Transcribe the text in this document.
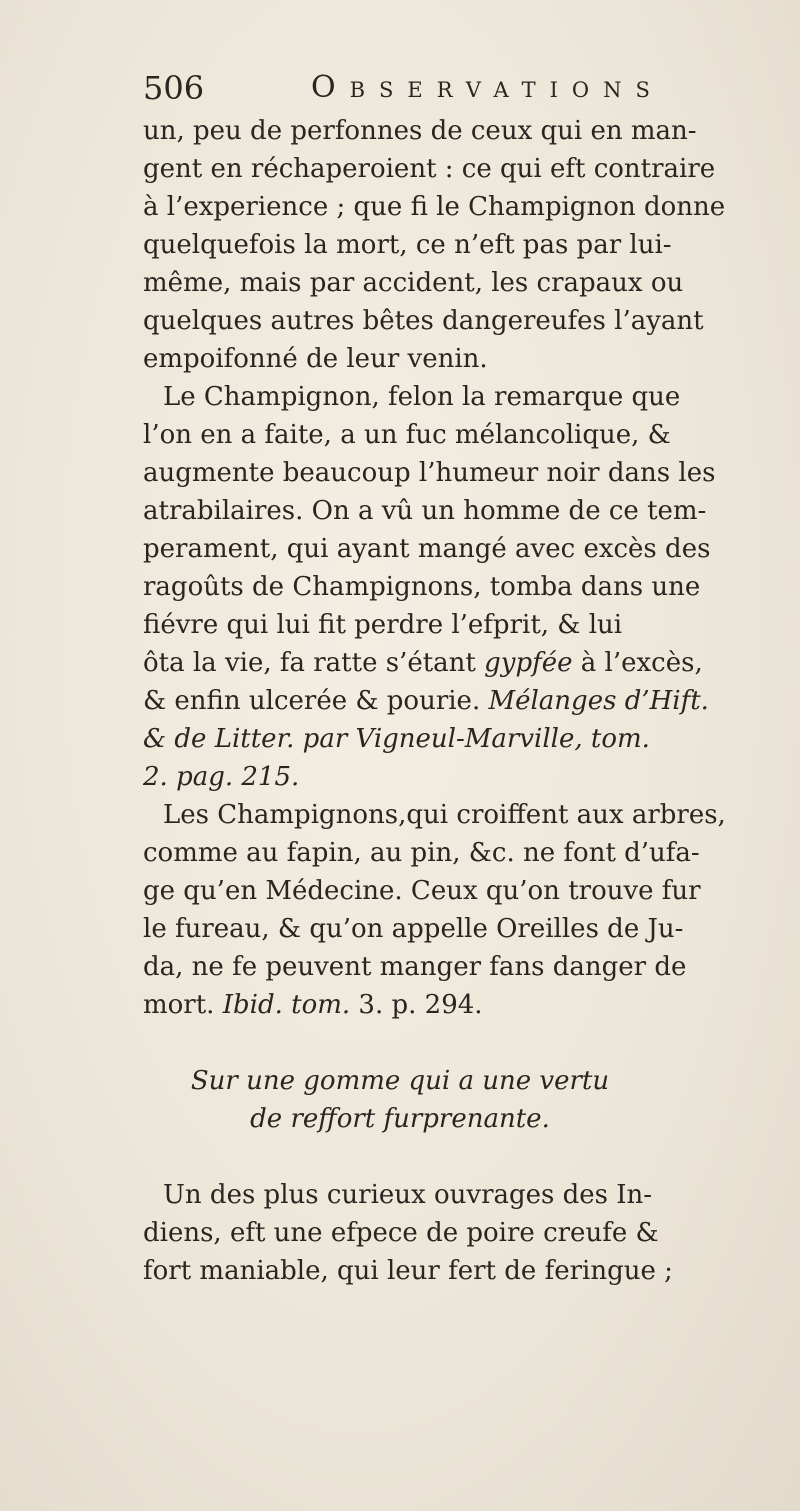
506	Observations
un, peu de perfonnes de ceux qui en man-
gent en réchaperoient : ce qui eft contraire
à l’experience ; que fi le Champignon donne
quelquefois la mort, ce n’eft pas par lui-
même, mais par accident, les crapaux ou
quelques autres bêtes dangereufes l’ayant
empoifonné de leur venin.
Le Champignon, felon la remarque que
l’on en a faite, a un fuc mélancolique, &
augmente beaucoup l’humeur noir dans les
atrabilaires. On a vû un homme de ce tem-
perament, qui ayant mangé avec excès des
ragoûts de Champignons, tomba dans une
fiévre qui lui fit perdre l’efprit, & lui
ôta la vie, fa ratte s’étant gypfée à l’excès,
& enfin ulcerée & pourie. Mélanges d’Hift.
& de Litter. par Vigneul-Marville, tom.
2. pag. 215.
Les Champignons,qui croiffent aux arbres,
comme au fapin, au pin, &c. ne font d’ufa-
ge qu’en Médecine. Ceux qu’on trouve fur
le fureau, & qu’on appelle Oreilles de Ju-
da, ne fe peuvent manger fans danger de
mort. Ibid. tom. 3. p. 294.
Sur une gomme qui a une vertu
de reffort furprenante.
Un des plus curieux ouvrages des In-
diens, eft une efpece de poire creufe &
fort maniable, qui leur fert de feringue ;
